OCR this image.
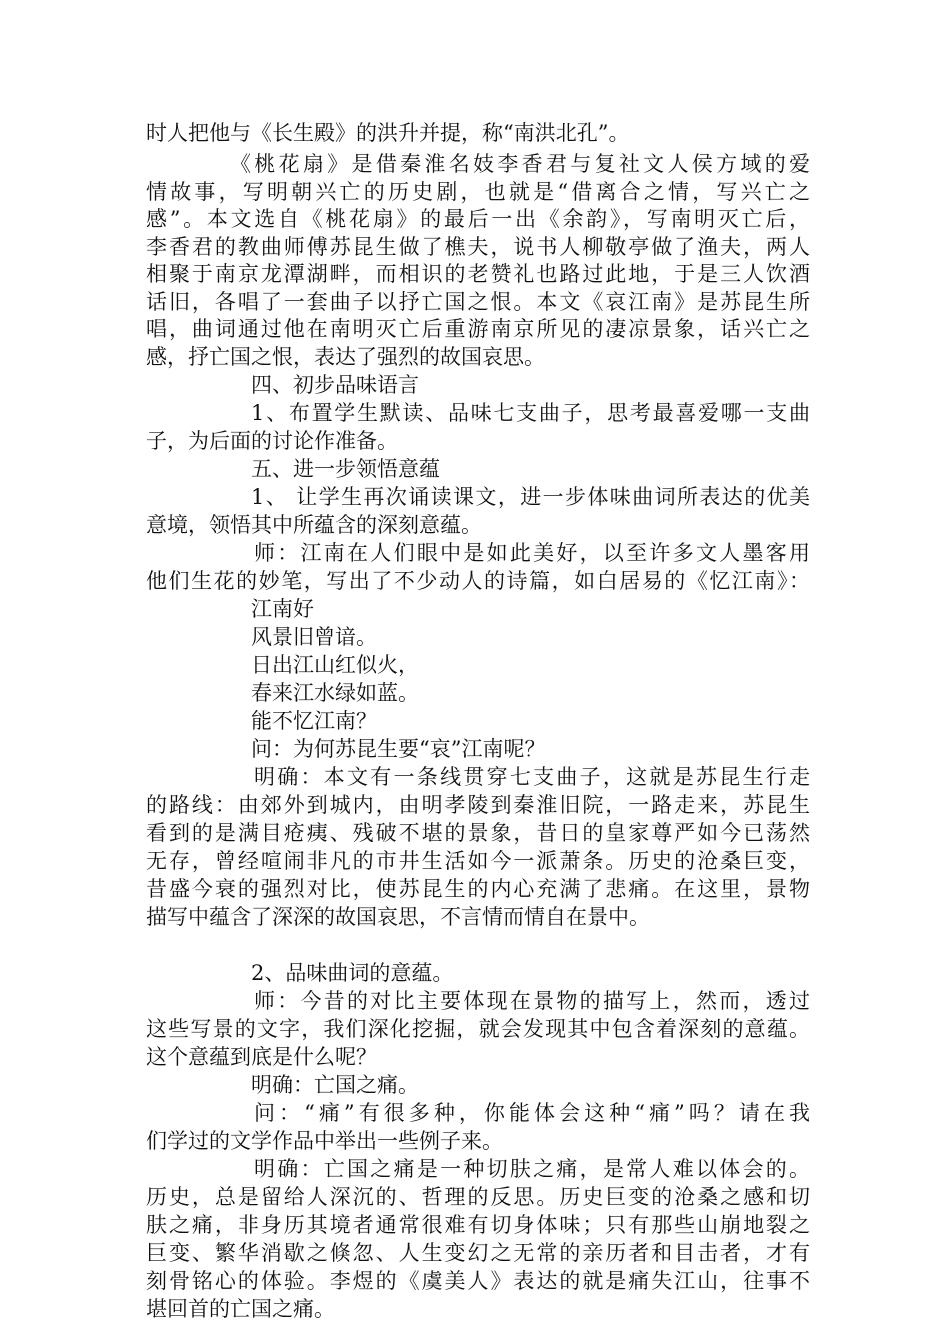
时人把他与《长生殿》的洪升并提，称“南洪北孔”。
《桃花扇》是借秦淮名妓李香君与复社文人侯方域的爱
情故事，写明朝兴亡的历史剧，也就是“借离合之情，写兴亡之
感”。本文选自《桃花扇》的最后一出《余韵》，写南明灭亡后，
李香君的教曲师傅苏昆生做了樵夫，说书人柳敬亭做了渔夫，两人
相聚于南京龙潭湖畔，而相识的老赞礼也路过此地，于是三人饮酒
话旧，各唱了一套曲子以抒亡国之恨。本文《哀江南》是苏昆生所
唱，曲词通过他在南明灭亡后重游南京所见的凄凉景象，话兴亡之
感，抒亡国之恨，表达了强烈的故国哀思。
四、初步品味语言
1、布置学生默读、品味七支曲子，思考最喜爱哪一支曲
子，为后面的讨论作准备。
五、进一步领悟意蕴
1、 让学生再次诵读课文，进一步体味曲词所表达的优美
意境，领悟其中所蕴含的深刻意蕴。
师：江南在人们眼中是如此美好，以至许多文人墨客用
他们生花的妙笔，写出了不少动人的诗篇，如白居易的《忆江南》：
江南好
风景旧曾谙。
日出江山红似火，
春来江水绿如蓝。
能不忆江南？
问：为何苏昆生要“哀”江南呢？
明确：本文有一条线贯穿七支曲子，这就是苏昆生行走
的路线：由郊外到城内，由明孝陵到秦淮旧院，一路走来，苏昆生
看到的是满目疮痍、残破不堪的景象，昔日的皇家尊严如今已荡然
无存，曾经喧闹非凡的市井生活如今一派萧条。历史的沧桑巨变，
昔盛今衰的强烈对比，使苏昆生的内心充满了悲痛。在这里，景物
描写中蕴含了深深的故国哀思，不言情而情自在景中。
2、品味曲词的意蕴。
师：今昔的对比主要体现在景物的描写上，然而，透过
这些写景的文字，我们深化挖掘，就会发现其中包含着深刻的意蕴。
这个意蕴到底是什么呢？
明确：亡国之痛。
问：“痛”有很多种，你能体会这种“痛”吗？请在我
们学过的文学作品中举出一些例子来。
明确：亡国之痛是一种切肤之痛，是常人难以体会的。
历史，总是留给人深沉的、哲理的反思。历史巨变的沧桑之感和切
肤之痛，非身历其境者通常很难有切身体味；只有那些山崩地裂之
巨变、繁华消歇之倏忽、人生变幻之无常的亲历者和目击者，才有
刻骨铭心的体验。李煜的《虞美人》表达的就是痛失江山，往事不
堪回首的亡国之痛。
